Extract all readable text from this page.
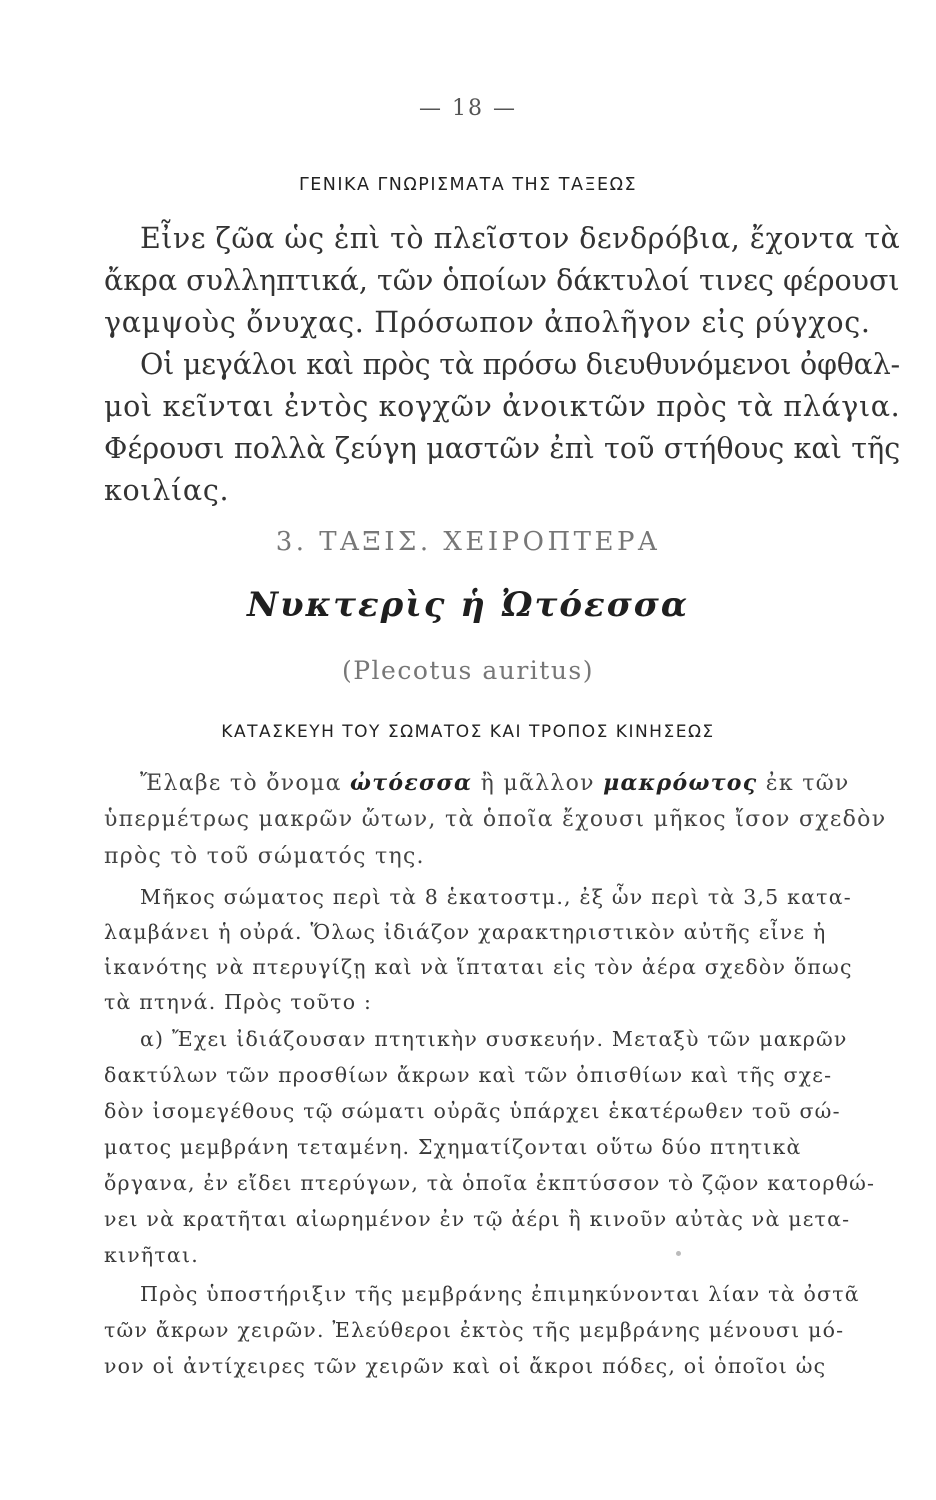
— 18 —
ΓΕΝΙΚΑ ΓΝΩΡΙΣΜΑΤΑ ΤΗΣ ΤΑΞΕΩΣ
Εἶνε ζῶα ὡς ἐπὶ τὸ πλεῖστον δενδρόβια, ἔχοντα τὰ
ἄκρα συλληπτικά, τῶν ὁποίων δάκτυλοί τινες φέρουσι
γαμψοὺς ὄνυχας. Πρόσωπον ἀπολῆγον εἰς ρύγχος.
Οἱ μεγάλοι καὶ πρὸς τὰ πρόσω διευθυνόμενοι ὀφθαλ-
μοὶ κεῖνται ἐντὸς κογχῶν ἀνοικτῶν πρὸς τὰ πλάγια.
Φέρουσι πολλὰ ζεύγη μαστῶν ἐπὶ τοῦ στήθους καὶ τῆς
κοιλίας.
3. ΤΑΞΙΣ. ΧΕΙΡΟΠΤΕΡΑ
Νυκτερὶς ἡ Ὠτόεσσα
(Plecotus auritus)
ΚΑΤΑΣΚΕΥΗ ΤΟΥ ΣΩΜΑΤΟΣ ΚΑΙ ΤΡΟΠΟΣ ΚΙΝΗΣΕΩΣ
Ἔλαβε τὸ ὄνομα ὠτόεσσα ἢ μᾶλλον μακρόωτος ἐκ τῶν
ὑπερμέτρως μακρῶν ὤτων, τὰ ὁποῖα ἔχουσι μῆκος ἴσον σχεδὸν
πρὸς τὸ τοῦ σώματός της.
Μῆκος σώματος περὶ τὰ 8 ἑκατοστμ., ἐξ ὧν περὶ τὰ 3,5 κατα-
λαμβάνει ἡ οὐρά. Ὅλως ἰδιάζον χαρακτηριστικὸν αὐτῆς εἶνε ἡ
ἱκανότης νὰ πτερυγίζῃ καὶ νὰ ἵπταται εἰς τὸν ἀέρα σχεδὸν ὅπως
τὰ πτηνά. Πρὸς τοῦτο :
α) Ἔχει ἰδιάζουσαν πτητικὴν συσκευήν. Μεταξὺ τῶν μακρῶν
δακτύλων τῶν προσθίων ἄκρων καὶ τῶν ὀπισθίων καὶ τῆς σχε-
δὸν ἰσομεγέθους τῷ σώματι οὐρᾶς ὑπάρχει ἑκατέρωθεν τοῦ σώ-
ματος μεμβράνη τεταμένη. Σχηματίζονται οὕτω δύο πτητικὰ
ὄργανα, ἐν εἴδει πτερύγων, τὰ ὁποῖα ἐκπτύσσον τὸ ζῷον κατορθώ-
νει νὰ κρατῆται αἰωρημένον ἐν τῷ ἀέρι ἢ κινοῦν αὐτὰς νὰ μετα-
κινῆται.
Πρὸς ὑποστήριξιν τῆς μεμβράνης ἐπιμηκύνονται λίαν τὰ ὀστᾶ
τῶν ἄκρων χειρῶν. Ἐλεύθεροι ἐκτὸς τῆς μεμβράνης μένουσι μό-
νον οἱ ἀντίχειρες τῶν χειρῶν καὶ οἱ ἄκροι πόδες, οἱ ὁποῖοι ὡς
